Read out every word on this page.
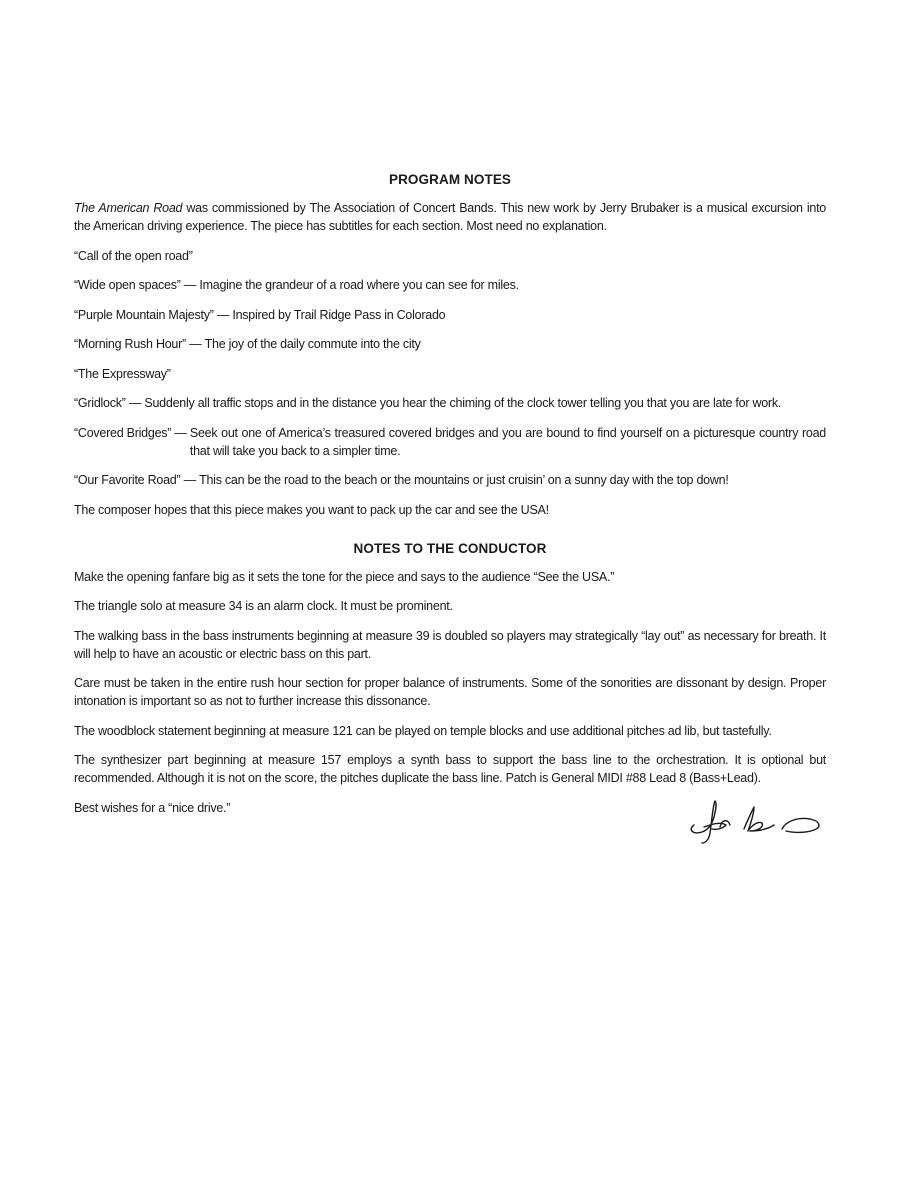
PROGRAM NOTES

The American Road was commissioned by The Association of Concert Bands. This new work by Jerry Brubaker is a musical excursion into the American driving experience. The piece has subtitles for each section. Most need no explanation.

“Call of the open road”
“Wide open spaces” — Imagine the grandeur of a road where you can see for miles.
“Purple Mountain Majesty” — Inspired by Trail Ridge Pass in Colorado
“Morning Rush Hour” — The joy of the daily commute into the city
“The Expressway”
“Gridlock” — Suddenly all traffic stops and in the distance you hear the chiming of the clock tower telling you that you are late for work.
“Covered Bridges” — Seek out one of America’s treasured covered bridges and you are bound to find yourself on a picturesque country road that will take you back to a simpler time.
“Our Favorite Road” — This can be the road to the beach or the mountains or just cruisin’ on a sunny day with the top down!

The composer hopes that this piece makes you want to pack up the car and see the USA!

NOTES TO THE CONDUCTOR

Make the opening fanfare big as it sets the tone for the piece and says to the audience “See the USA.”

The triangle solo at measure 34 is an alarm clock. It must be prominent.

The walking bass in the bass instruments beginning at measure 39 is doubled so players may strategically “lay out” as necessary for breath. It will help to have an acoustic or electric bass on this part.

Care must be taken in the entire rush hour section for proper balance of instruments. Some of the sonorities are dissonant by design. Proper intonation is important so as not to further increase this dissonance.

The woodblock statement beginning at measure 121 can be played on temple blocks and use additional pitches ad lib, but tastefully.

The synthesizer part beginning at measure 157 employs a synth bass to support the bass line to the orchestration. It is optional but recommended. Although it is not on the score, the pitches duplicate the bass line. Patch is General MIDI #88 Lead 8 (Bass+Lead).

Best wishes for a “nice drive.”
